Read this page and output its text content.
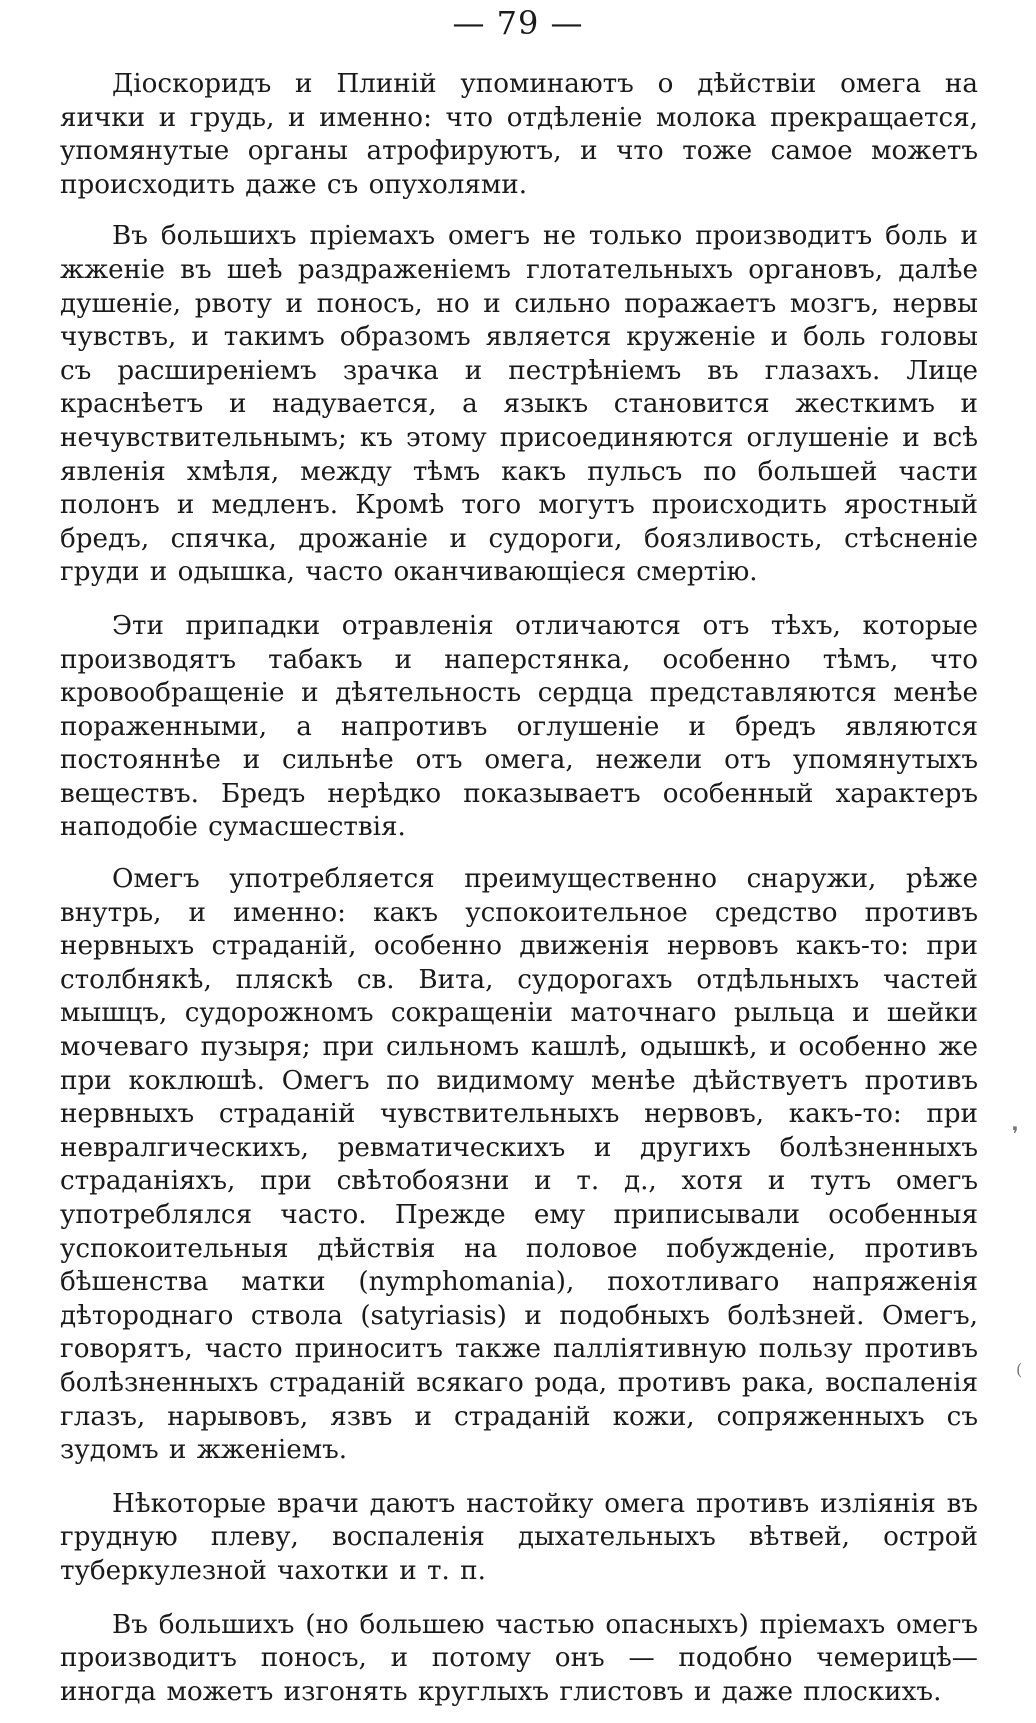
— 79 —

Діоскоридъ и Плиній упоминаютъ о дѣйствіи омега на яички и грудь, и именно: что отдѣленіе молока прекращается, упомянутые органы атрофируютъ, и что тоже самое можетъ происходить даже съ опухолями.

Въ большихъ пріемахъ омегъ не только производитъ боль и жженіе въ шеѣ раздраженіемъ глотательныхъ органовъ, далѣе душеніе, рвоту и поносъ, но и сильно поражаетъ мозгъ, нервы чувствъ, и такимъ образомъ является круженіе и боль головы съ расширеніемъ зрачка и пестрѣніемъ въ глазахъ. Лице краснѣетъ и надувается, а языкъ становится жесткимъ и нечувствительнымъ; къ этому присоединяются оглушеніе и всѣ явленія хмѣля, между тѣмъ какъ пульсъ по большей части полонъ и медленъ. Кромѣ того могутъ происходить яростный бредъ, спячка, дрожаніе и судороги, боязливость, стѣсненіе груди и одышка, часто оканчивающіеся смертію.

Эти припадки отравленія отличаются отъ тѣхъ, которые производятъ табакъ и наперстянка, особенно тѣмъ, что кровообращеніе и дѣятельность сердца представляются менѣе пораженными, а напротивъ оглушеніе и бредъ являются постояннѣе и сильнѣе отъ омега, нежели отъ упомянутыхъ веществъ. Бредъ нерѣдко показываетъ особенный характеръ наподобіе сумасшествія.

Омегъ употребляется преимущественно снаружи, рѣже внутрь, и именно: какъ успокоительное средство противъ нервныхъ страданій, особенно движенія нервовъ какъ-то: при столбнякѣ, пляскѣ св. Вита, судорогахъ отдѣльныхъ частей мышцъ, судорожномъ сокращеніи маточнаго рыльца и шейки мочеваго пузыря; при сильномъ кашлѣ, одышкѣ, и особенно же при коклюшѣ. Омегъ по видимому менѣе дѣйствуетъ противъ нервныхъ страданій чувствительныхъ нервовъ, какъ-то: при невралгическихъ, ревматическихъ и другихъ болѣзненныхъ страданіяхъ, при свѣтобоязни и т. д., хотя и тутъ омегъ употреблялся часто. Прежде ему приписывали особенныя успокоительныя дѣйствія на половое побужденіе, противъ бѣшенства матки (nymphomania), похотливаго напряженія дѣтороднаго ствола (satyriasis) и подобныхъ болѣзней. Омегъ, говорятъ, часто приноситъ также палліятивную пользу противъ болѣзненныхъ страданій всякаго рода, противъ рака, воспаленія глазъ, нарывовъ, язвъ и страданій кожи, сопряженныхъ съ зудомъ и жженіемъ.

Нѣкоторые врачи даютъ настойку омега противъ изліянія въ грудную плеву, воспаленія дыхательныхъ вѣтвей, острой туберкулезной чахотки и т. п.

Въ большихъ (но большею частью опасныхъ) пріемахъ омегъ производитъ поносъ, и потому онъ — подобно чемерицѣ—иногда можетъ изгонять круглыхъ глистовъ и даже плоскихъ.

❜
(
